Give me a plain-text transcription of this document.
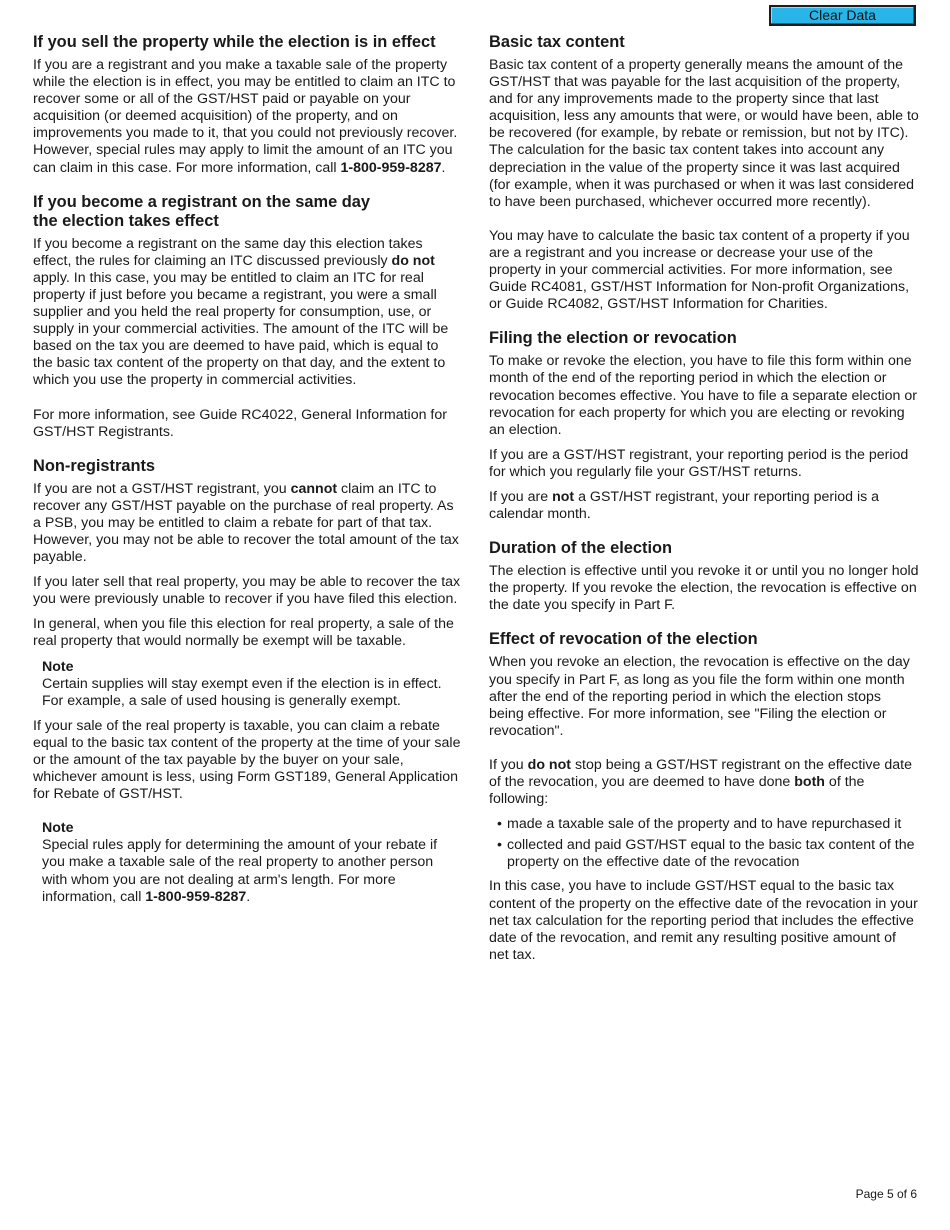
Clear Data
If you sell the property while the election is in effect

If you are a registrant and you make a taxable sale of the property while the election is in effect, you may be entitled to claim an ITC to recover some or all of the GST/HST paid or payable on your acquisition (or deemed acquisition) of the property, and on improvements you made to it, that you could not previously recover. However, special rules may apply to limit the amount of an ITC you can claim in this case. For more information, call 1-800-959-8287.

If you become a registrant on the same day
the election takes effect

If you become a registrant on the same day this election takes effect, the rules for claiming an ITC discussed previously do not apply. In this case, you may be entitled to claim an ITC for real property if just before you became a registrant, you were a small supplier and you held the real property for consumption, use, or supply in your commercial activities. The amount of the ITC will be based on the tax you are deemed to have paid, which is equal to the basic tax content of the property on that day, and the extent to which you use the property in commercial activities.

For more information, see Guide RC4022, General Information for GST/HST Registrants.

Non-registrants

If you are not a GST/HST registrant, you cannot claim an ITC to recover any GST/HST payable on the purchase of real property. As a PSB, you may be entitled to claim a rebate for part of that tax. However, you may not be able to recover the total amount of the tax payable.

If you later sell that real property, you may be able to recover the tax you were previously unable to recover if you have filed this election.

In general, when you file this election for real property, a sale of the real property that would normally be exempt will be taxable.

Note

Certain supplies will stay exempt even if the election is in effect. For example, a sale of used housing is generally exempt.

If your sale of the real property is taxable, you can claim a rebate equal to the basic tax content of the property at the time of your sale or the amount of the tax payable by the buyer on your sale, whichever amount is less, using Form GST189, General Application for Rebate of GST/HST.

Note

Special rules apply for determining the amount of your rebate if you make a taxable sale of the real property to another person with whom you are not dealing at arm's length. For more information, call 1-800-959-8287.

Basic tax content

Basic tax content of a property generally means the amount of the GST/HST that was payable for the last acquisition of the property, and for any improvements made to the property since that last acquisition, less any amounts that were, or would have been, able to be recovered (for example, by rebate or remission, but not by ITC). The calculation for the basic tax content takes into account any depreciation in the value of the property since it was last acquired (for example, when it was purchased or when it was last considered to have been purchased, whichever occurred more recently).

You may have to calculate the basic tax content of a property if you are a registrant and you increase or decrease your use of the property in your commercial activities. For more information, see Guide RC4081, GST/HST Information for Non-profit Organizations, or Guide RC4082, GST/HST Information for Charities.

Filing the election or revocation

To make or revoke the election, you have to file this form within one month of the end of the reporting period in which the election or revocation becomes effective. You have to file a separate election or revocation for each property for which you are electing or revoking an election.

If you are a GST/HST registrant, your reporting period is the period for which you regularly file your GST/HST returns.

If you are not a GST/HST registrant, your reporting period is a calendar month.

Duration of the election

The election is effective until you revoke it or until you no longer hold the property. If you revoke the election, the revocation is effective on the date you specify in Part F.

Effect of revocation of the election

When you revoke an election, the revocation is effective on the day you specify in Part F, as long as you file the form within one month after the end of the reporting period in which the election stops being effective. For more information, see "Filing the election or revocation".

If you do not stop being a GST/HST registrant on the effective date of the revocation, you are deemed to have done both of the following:

• made a taxable sale of the property and to have repurchased it
• collected and paid GST/HST equal to the basic tax content of the property on the effective date of the revocation

In this case, you have to include GST/HST equal to the basic tax content of the property on the effective date of the revocation in your net tax calculation for the reporting period that includes the effective date of the revocation, and remit any resulting positive amount of net tax.

Page 5 of 6
